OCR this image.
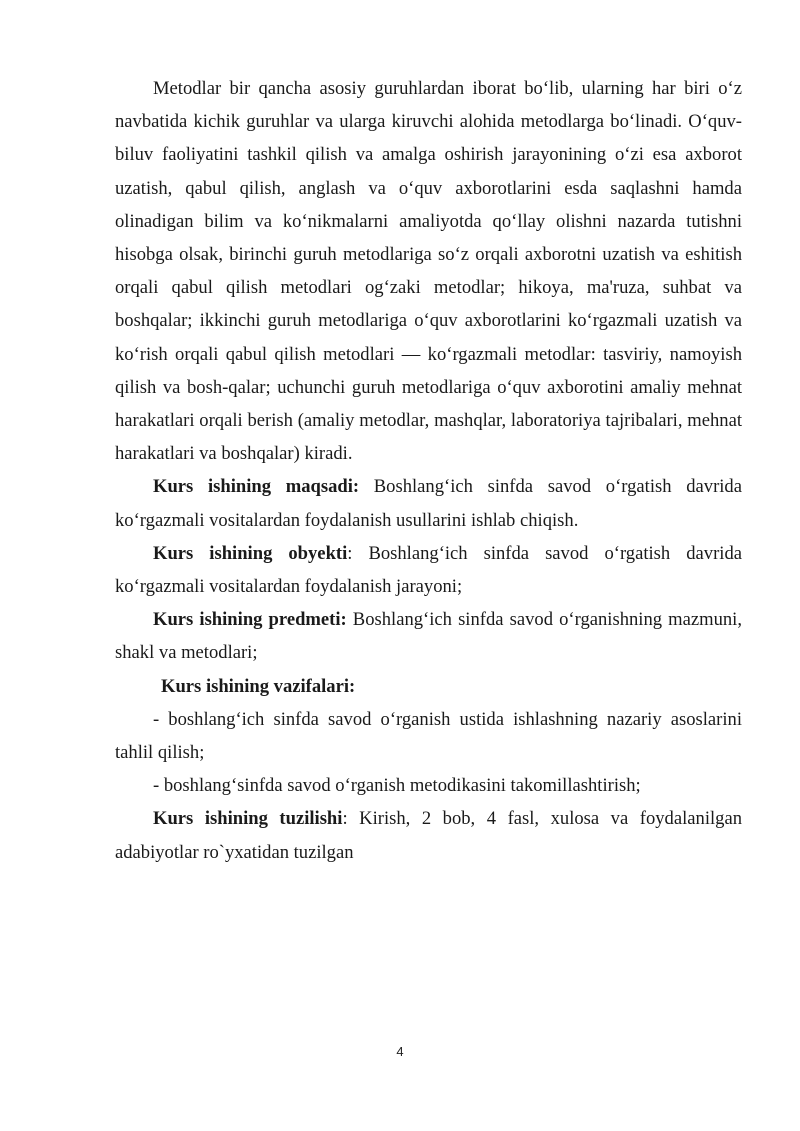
Metodlar bir qancha asosiy guruhlardan iborat bo‘lib, ularning har biri o‘z navbatida kichik guruhlar va ularga kiruvchi alohida metodlarga bo‘linadi. O‘quv-biluv faoliyatini tashkil qilish va amalga oshirish jarayonining o‘zi esa axborot uzatish, qabul qilish, anglash va o‘quv axborotlarini esda saqlashni hamda olinadigan bilim va ko‘nikmalarni amaliyotda qo‘llay olishni nazarda tutishni hisobga olsak, birinchi guruh metodlariga so‘z orqali axborotni uzatish va eshitish orqali qabul qilish metodlari og‘zaki metodlar; hikoya, ma'ruza, suhbat va boshqalar; ikkinchi guruh metodlariga o‘quv axborotlarini ko‘rgazmali uzatish va ko‘rish orqali qabul qilish metodlari — ko‘rgazmali metodlar: tasviriy, namoyish qilish va bosh-qalar; uchunchi guruh metodlariga o‘quv axborotini amaliy mehnat harakatlari orqali berish (amaliy metodlar, mashqlar, laboratoriya tajribalari, mehnat harakatlari va boshqalar) kiradi.

Kurs ishining maqsadi: Boshlang‘ich sinfda savod o‘rgatish davrida ko‘rgazmali vositalardan foydalanish usullarini ishlab chiqish.

Kurs ishining obyekti: Boshlang‘ich sinfda savod o‘rgatish davrida ko‘rgazmali vositalardan foydalanish jarayoni;

Kurs ishining predmeti: Boshlang‘ich sinfda savod o‘rganishning mazmuni, shakl va metodlari;

Kurs ishining vazifalari:

- boshlang‘ich sinfda savod o‘rganish ustida ishlashning nazariy asoslarini tahlil qilish;

- boshlang‘sinfda savod o‘rganish metodikasini takomillashtirish;

Kurs ishining tuzilishi: Kirish, 2 bob, 4 fasl, xulosa va foydalanilgan adabiyotlar ro`yxatidan tuzilgan

4
